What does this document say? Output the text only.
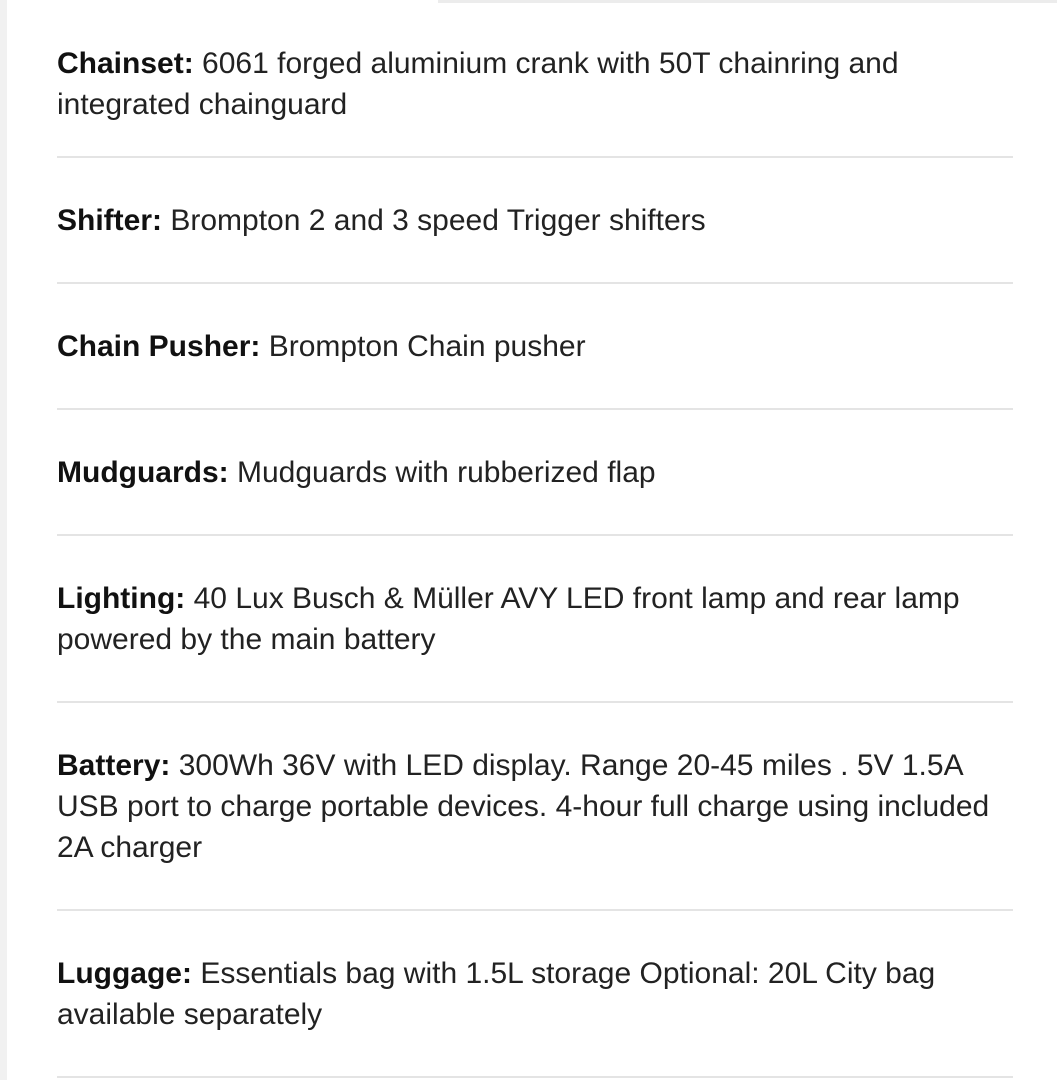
Chainset: 6061 forged aluminium crank with 50T chainring and integrated chainguard

Shifter: Brompton 2 and 3 speed Trigger shifters

Chain Pusher: Brompton Chain pusher

Mudguards: Mudguards with rubberized flap

Lighting: 40 Lux Busch & Müller AVY LED front lamp and rear lamp powered by the main battery

Battery: 300Wh 36V with LED display. Range 20-45 miles . 5V 1.5A USB port to charge portable devices. 4-hour full charge using included 2A charger

Luggage: Essentials bag with 1.5L storage Optional: 20L City bag available separately
